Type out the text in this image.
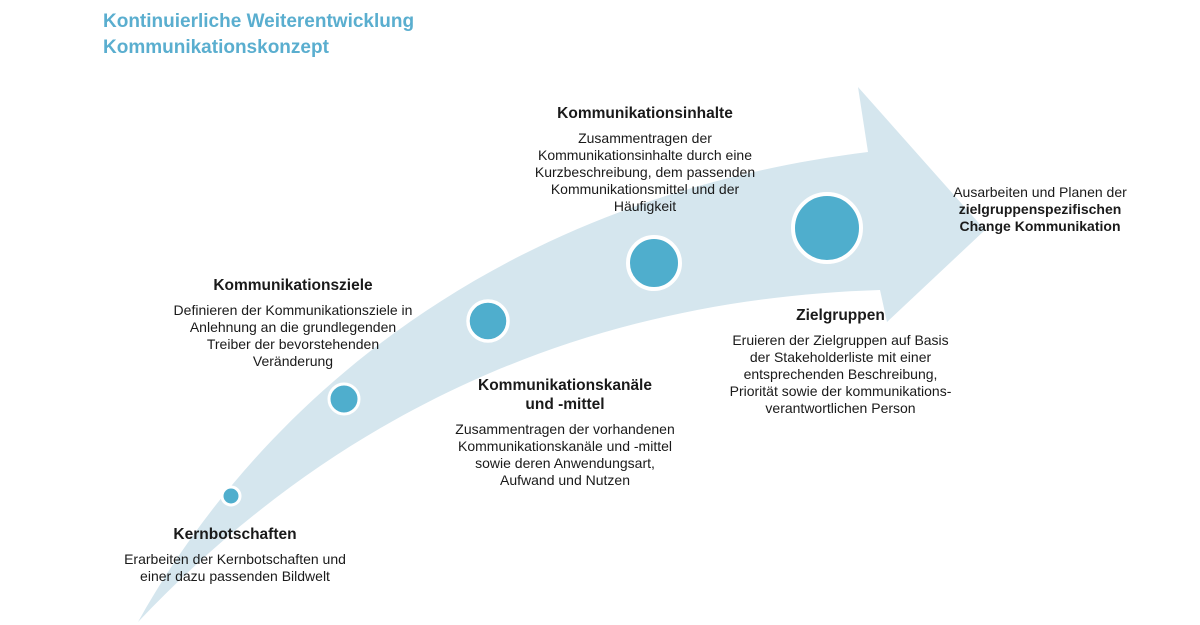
Kontinuierliche Weiterentwicklung
Kommunikationskonzept
Kernbotschaften
Erarbeiten der Kernbotschaften und
einer dazu passenden Bildwelt
Kommunikationsziele
Definieren der Kommunikationsziele in
Anlehnung an die grundlegenden
Treiber der bevorstehenden
Veränderung
Kommunikationskanäle
und -mittel
Zusammentragen der vorhandenen
Kommunikationskanäle und -mittel
sowie deren Anwendungsart,
Aufwand und Nutzen
Kommunikationsinhalte
Zusammentragen der
Kommunikationsinhalte durch eine
Kurzbeschreibung, dem passenden
Kommunikationsmittel und der
Häufigkeit
Zielgruppen
Eruieren der Zielgruppen auf Basis
der Stakeholderliste mit einer
entsprechenden Beschreibung,
Priorität sowie der kommunikations-
verantwortlichen Person
Ausarbeiten und Planen der
zielgruppenspezifischen
Change Kommunikation
